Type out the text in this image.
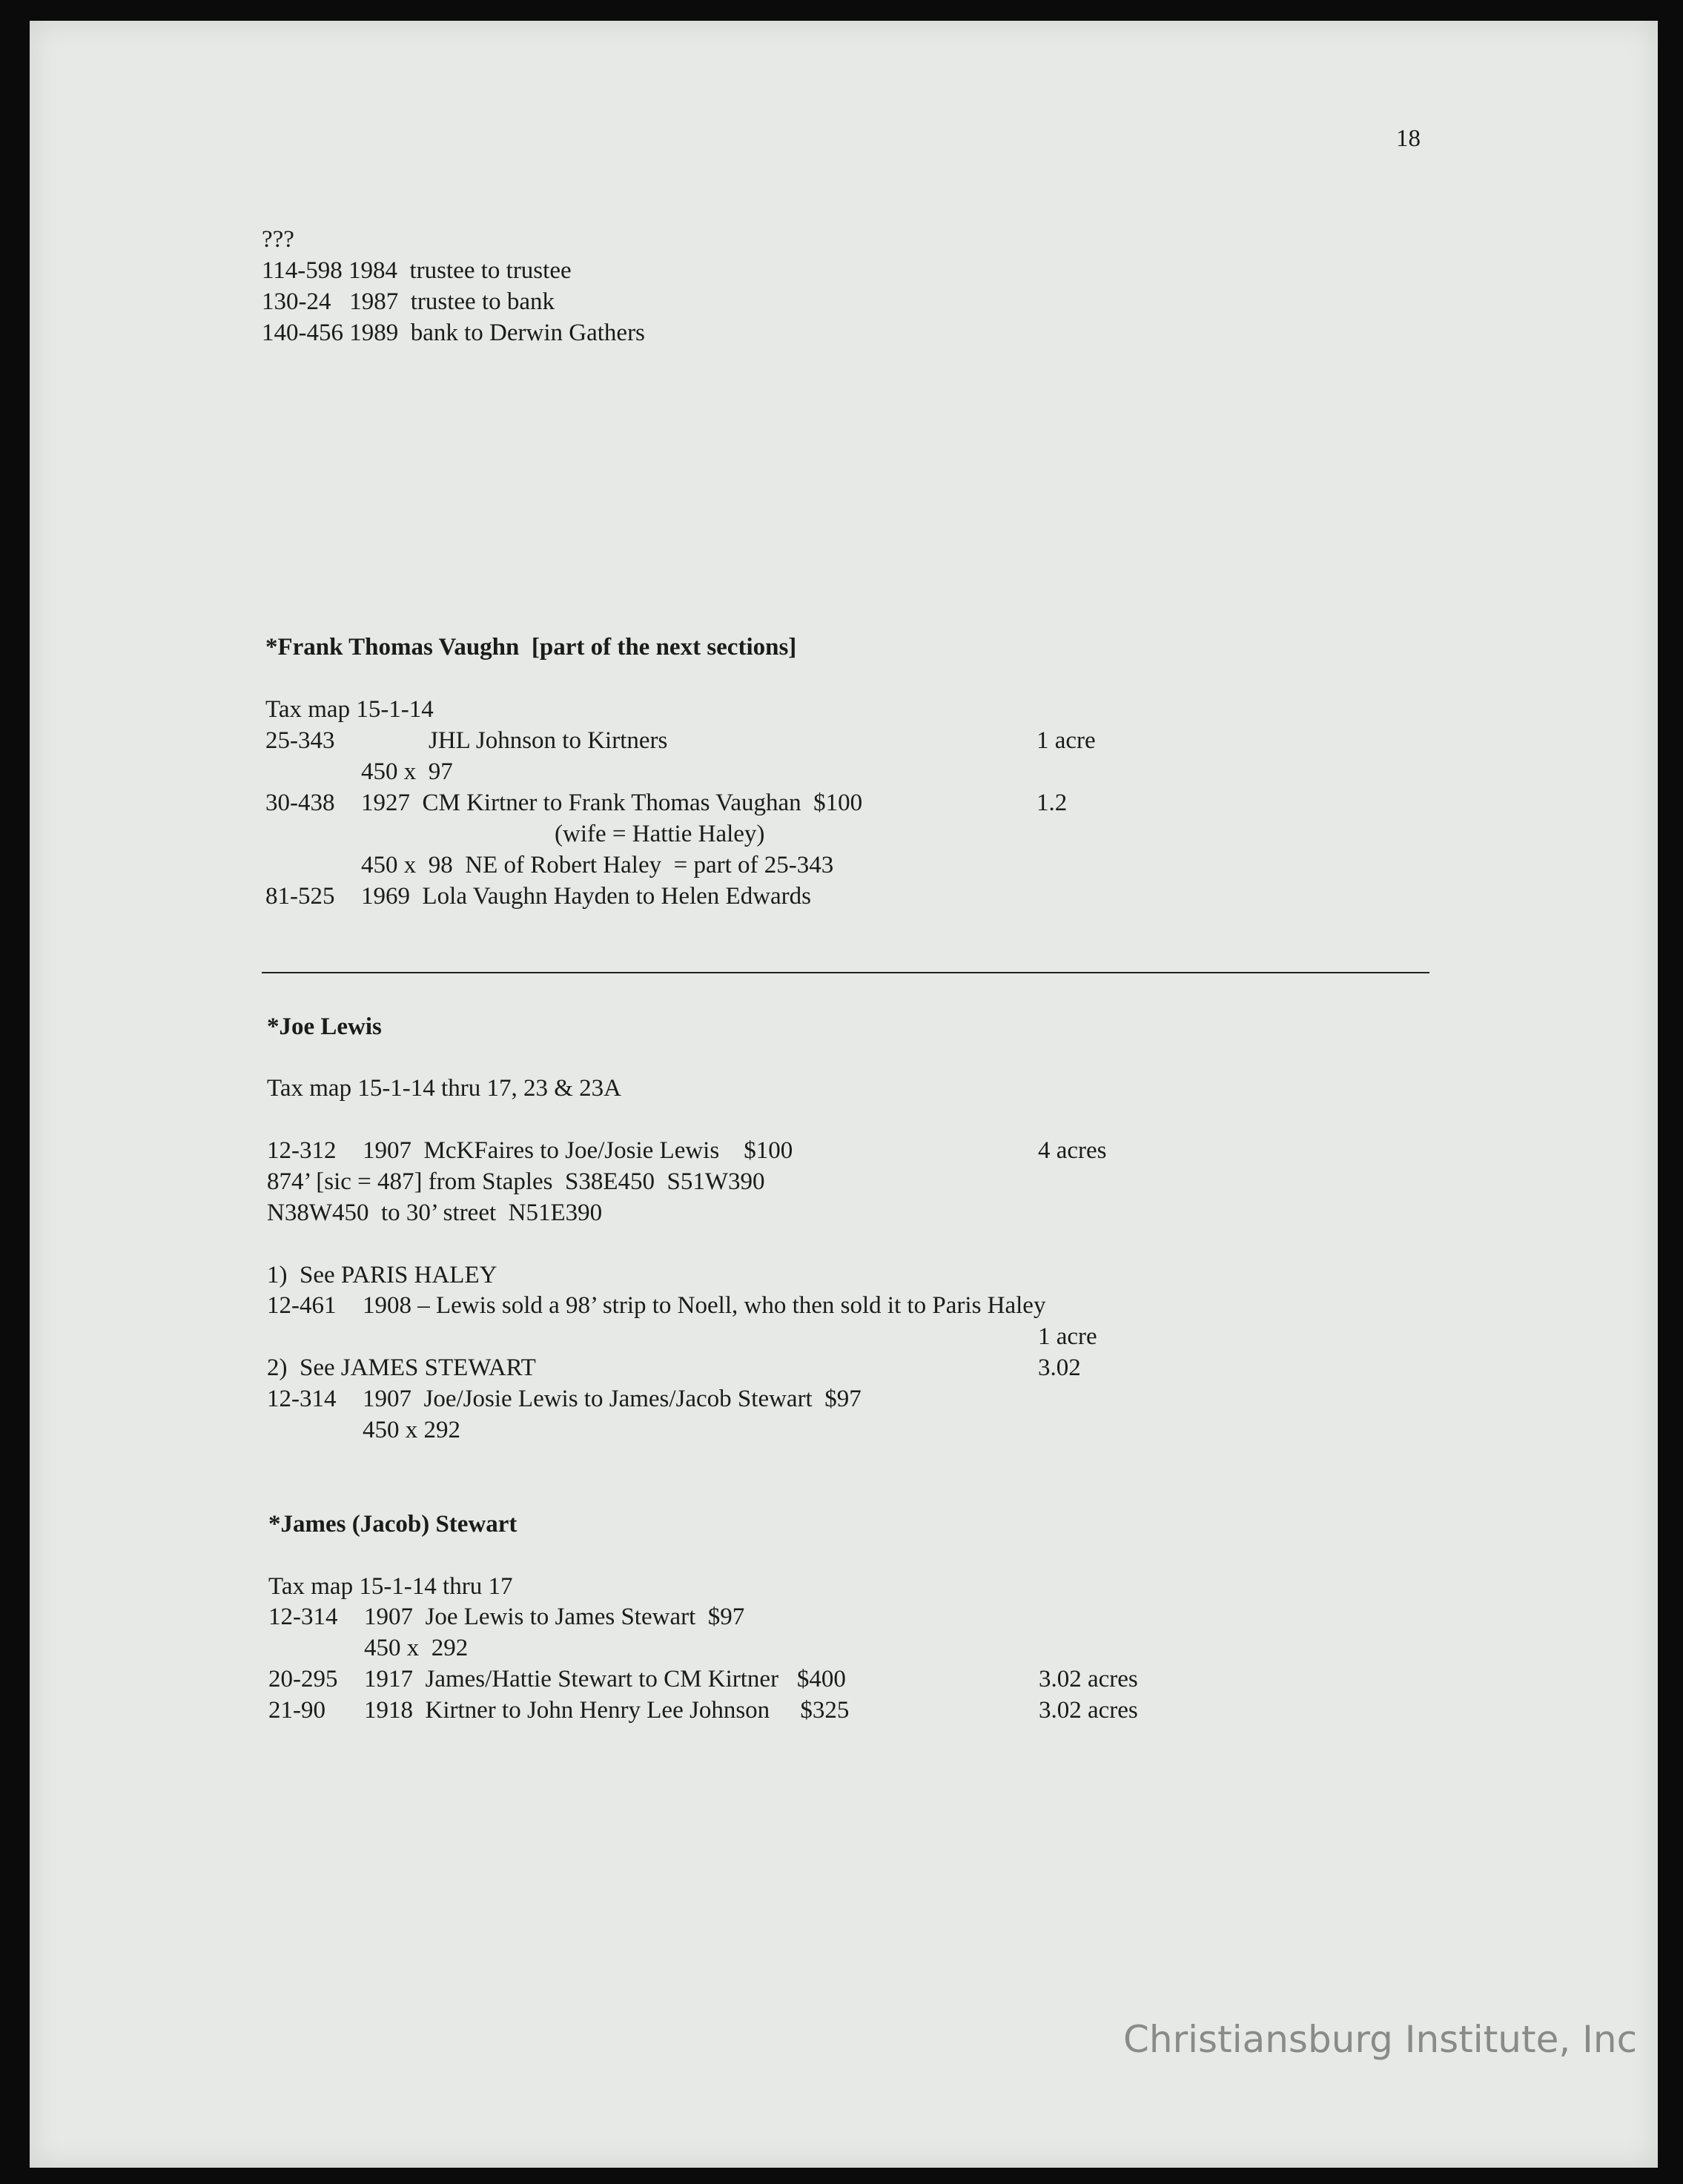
18
???
114-598 1984  trustee to trustee
130-24   1987  trustee to bank
140-456 1989  bank to Derwin Gathers
*Frank Thomas Vaughn  [part of the next sections]
Tax map 15-1-14
25-343	JHL Johnson to Kirtners	1 acre
450 x  97
30-438 1927  CM Kirtner to Frank Thomas Vaughan  $100	1.2
(wife = Hattie Haley)
450 x  98  NE of Robert Haley  = part of 25-343
81-525 1969  Lola Vaughn Hayden to Helen Edwards
*Joe Lewis
Tax map 15-1-14 thru 17, 23 & 23A
12-312 1907  McKFaires to Joe/Josie Lewis    $100	4 acres
874’ [sic = 487] from Staples  S38E450  S51W390
N38W450  to 30’ street  N51E390
1)  See PARIS HALEY
12-461 1908 – Lewis sold a 98’ strip to Noell, who then sold it to Paris Haley
1 acre
2)  See JAMES STEWART	3.02
12-314 1907  Joe/Josie Lewis to James/Jacob Stewart  $97
450 x 292
*James (Jacob) Stewart
Tax map 15-1-14 thru 17
12-314 1907  Joe Lewis to James Stewart  $97
450 x  292
20-295 1917  James/Hattie Stewart to CM Kirtner   $400	3.02 acres
21-90 1918  Kirtner to John Henry Lee Johnson     $325	3.02 acres
Christiansburg Institute, Inc
